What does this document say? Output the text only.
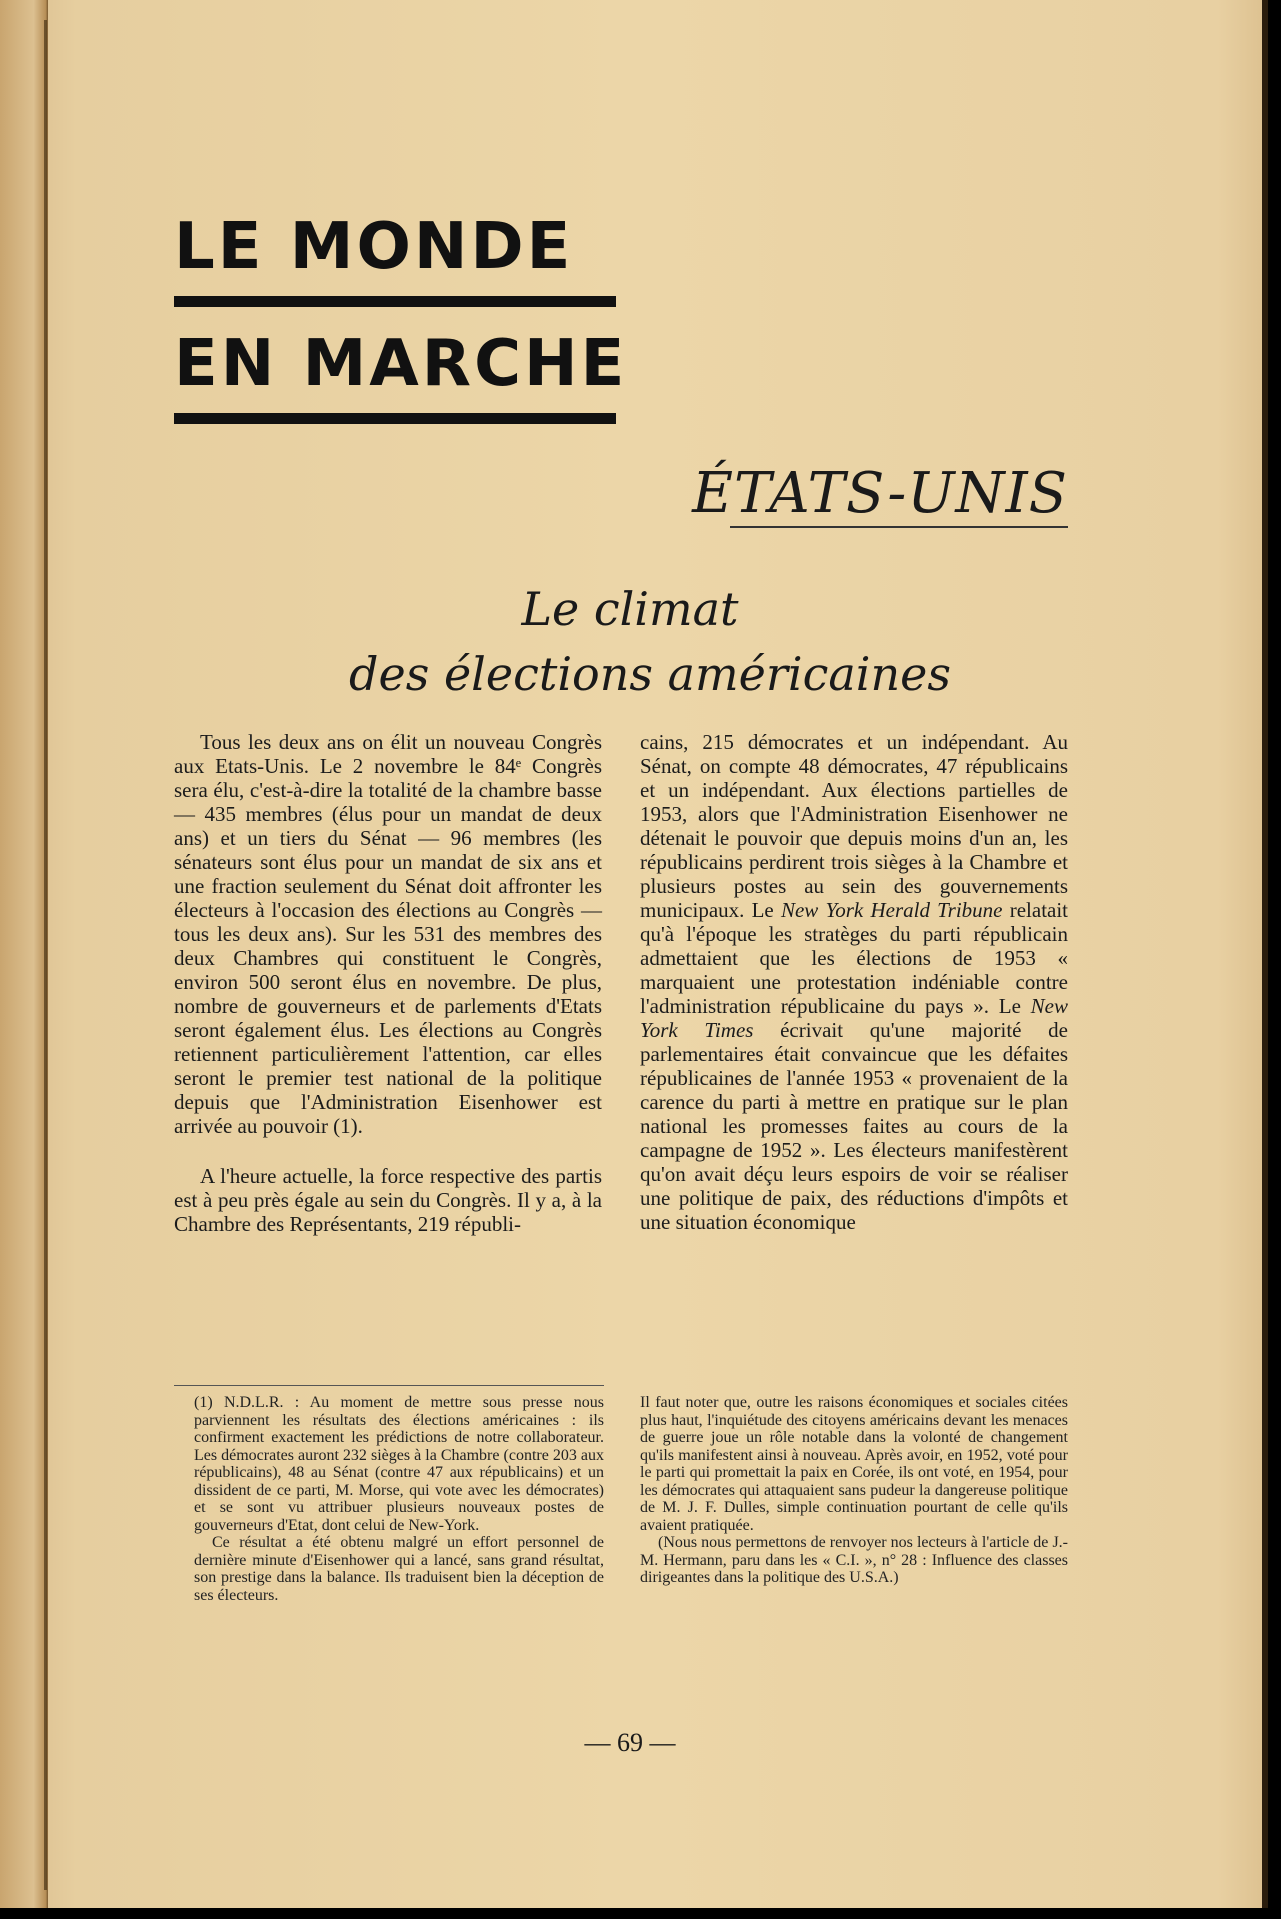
LE MONDE

EN MARCHE

ÉTATS-UNIS

Le climat

des élections américaines

Tous les deux ans on élit un nouveau Congrès aux Etats-Unis. Le 2 novembre le 84ᵉ Congrès sera élu, c'est-à-dire la totalité de la chambre basse — 435 membres (élus pour un mandat de deux ans) et un tiers du Sénat — 96 membres (les sénateurs sont élus pour un mandat de six ans et une fraction seulement du Sénat doit affronter les électeurs à l'occasion des élections au Congrès — tous les deux ans). Sur les 531 des membres des deux Chambres qui constituent le Congrès, environ 500 seront élus en novembre. De plus, nombre de gouverneurs et de parlements d'Etats seront également élus. Les élections au Congrès retiennent particulièrement l'attention, car elles seront le premier test national de la politique depuis que l'Administration Eisenhower est arrivée au pouvoir (1).

A l'heure actuelle, la force respective des partis est à peu près égale au sein du Congrès. Il y a, à la Chambre des Représentants, 219 républi-

cains, 215 démocrates et un indépendant. Au Sénat, on compte 48 démocrates, 47 républicains et un indépendant. Aux élections partielles de 1953, alors que l'Administration Eisenhower ne détenait le pouvoir que depuis moins d'un an, les républicains perdirent trois sièges à la Chambre et plusieurs postes au sein des gouvernements municipaux. Le New York Herald Tribune relatait qu'à l'époque les stratèges du parti républicain admettaient que les élections de 1953 « marquaient une protestation indéniable contre l'administration républicaine du pays ». Le New York Times écrivait qu'une majorité de parlementaires était convaincue que les défaites républicaines de l'année 1953 « provenaient de la carence du parti à mettre en pratique sur le plan national les promesses faites au cours de la campagne de 1952 ». Les électeurs manifestèrent qu'on avait déçu leurs espoirs de voir se réaliser une politique de paix, des réductions d'impôts et une situation économique

(1) N.D.L.R. : Au moment de mettre sous presse nous parviennent les résultats des élections américaines : ils confirment exactement les prédictions de notre collaborateur. Les démocrates auront 232 sièges à la Chambre (contre 203 aux républicains), 48 au Sénat (contre 47 aux républicains) et un dissident de ce parti, M. Morse, qui vote avec les démocrates) et se sont vu attribuer plusieurs nouveaux postes de gouverneurs d'Etat, dont celui de New-York.

Ce résultat a été obtenu malgré un effort personnel de dernière minute d'Eisenhower qui a lancé, sans grand résultat, son prestige dans la balance. Ils traduisent bien la déception de ses électeurs.

Il faut noter que, outre les raisons économiques et sociales citées plus haut, l'inquiétude des citoyens américains devant les menaces de guerre joue un rôle notable dans la volonté de changement qu'ils manifestent ainsi à nouveau. Après avoir, en 1952, voté pour le parti qui promettait la paix en Corée, ils ont voté, en 1954, pour les démocrates qui attaquaient sans pudeur la dangereuse politique de M. J. F. Dulles, simple continuation pourtant de celle qu'ils avaient pratiquée.

(Nous nous permettons de renvoyer nos lecteurs à l'article de J.-M. Hermann, paru dans les « C.I. », n° 28 : Influence des classes dirigeantes dans la politique des U.S.A.)

— 69 —
